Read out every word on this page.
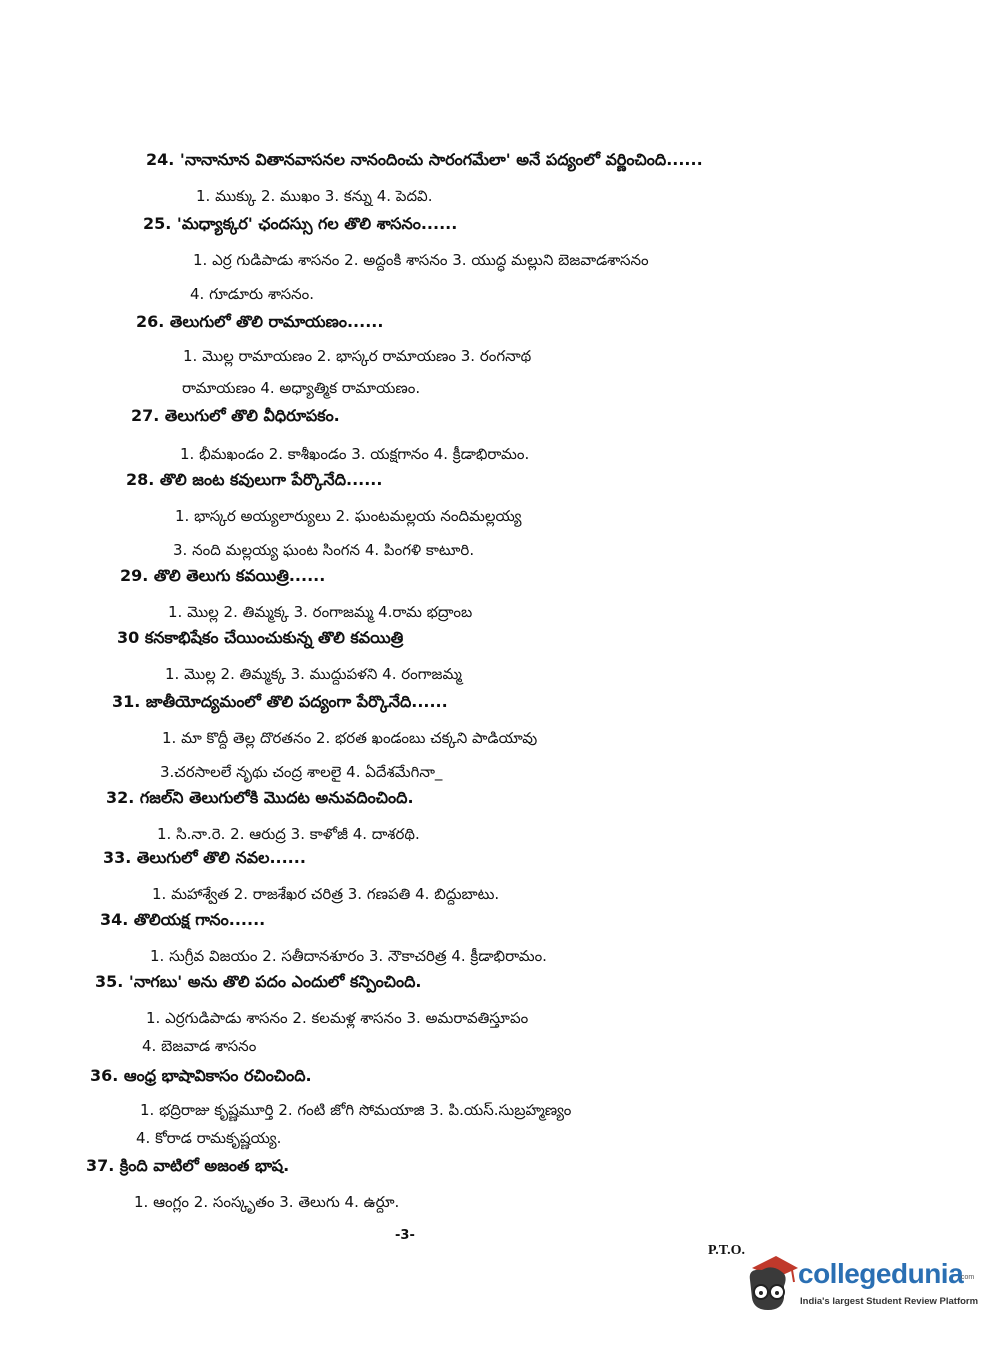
24. 'నానానూన వితానవాసనల నానందించు సారంగమేలా' అనే పద్యంలో వర్ణించింది......
1. ముక్కు 2. ముఖం 3. కన్ను 4. పెదవి.
25. 'మధ్యాక్కర' ఛందస్సు గల తొలి శాసనం......
1. ఎర్ర గుడిపాడు శాసనం 2. అద్దంకి శాసనం 3. యుద్ధ మల్లుని బెజవాడశాసనం
4. గూడూరు శాసనం.
26. తెలుగులో తొలి రామాయణం......
1. మొల్ల రామాయణం 2. భాస్కర రామాయణం 3. రంగనాథ
రామాయణం 4. అధ్యాత్మిక రామాయణం.
27. తెలుగులో తొలి వీధిరూపకం.
1. భీమఖండం 2. కాశీఖండం 3. యక్షగానం 4. క్రీడాభిరామం.
28. తొలి జంట కవులుగా పేర్కొనేది......
1. భాస్కర అయ్యలార్యులు 2. ఘంటమల్లయ నందిమల్లయ్య
3. నంది మల్లయ్య ఘంట సింగన 4. పింగళి కాటూరి.
29. తొలి తెలుగు కవయిత్రి......
1. మొల్ల 2. తిమ్మక్క 3. రంగాజమ్మ 4.రామ భద్రాంబ
30 కనకాభిషేకం చేయించుకున్న తొలి కవయిత్రి
1. మొల్ల 2. తిమ్మక్క 3. ముద్దుపళని 4. రంగాజమ్మ
31. జాతీయోద్యమంలో తొలి పద్యంగా పేర్కొనేది......
1. మా కొద్దీ తెల్ల దొరతనం 2. భరత ఖండంబు చక్కని పాడియావు
3.చరసాలలే నృథు చంద్ర శాలలై 4. ఏదేశమేగినా_
32. గజల్‌ని తెలుగులోకి మొదట అనువదించింది.
1. సి.నా.రె. 2. ఆరుద్ర 3. కాళోజీ 4. దాశరథి.
33. తెలుగులో తొలి నవల......
1. మహాశ్వేత 2. రాజశేఖర చరిత్ర 3. గణపతి 4. బిద్దుబాటు.
34. తొలియక్ష గానం......
1. సుగ్రీవ విజయం 2. సతీదానశూరం 3. నౌకాచరిత్ర 4. క్రీడాభిరామం.
35. 'నాగబు' అను తొలి పదం ఎందులో కన్పించింది.
1. ఎర్రగుడిపాడు శాసనం 2. కలమళ్ల శాసనం 3. అమరావతిస్తూపం
4. బెజవాడ శాసనం
36. ఆంధ్ర భాషావికాసం రచించింది.
1. భద్రిరాజు కృష్ణమూర్తి 2. గంటి జోగి సోమయాజి 3. పి.యస్.సుబ్రహ్మణ్యం
4. కోరాడ రామకృష్ణయ్య.
37. క్రింది వాటిలో అజంత భాష.
1. ఆంగ్లం 2. సంస్కృతం 3. తెలుగు 4. ఉర్దూ.
-3-
P.T.O.
collegedunia
.com
India's largest Student Review Platform
